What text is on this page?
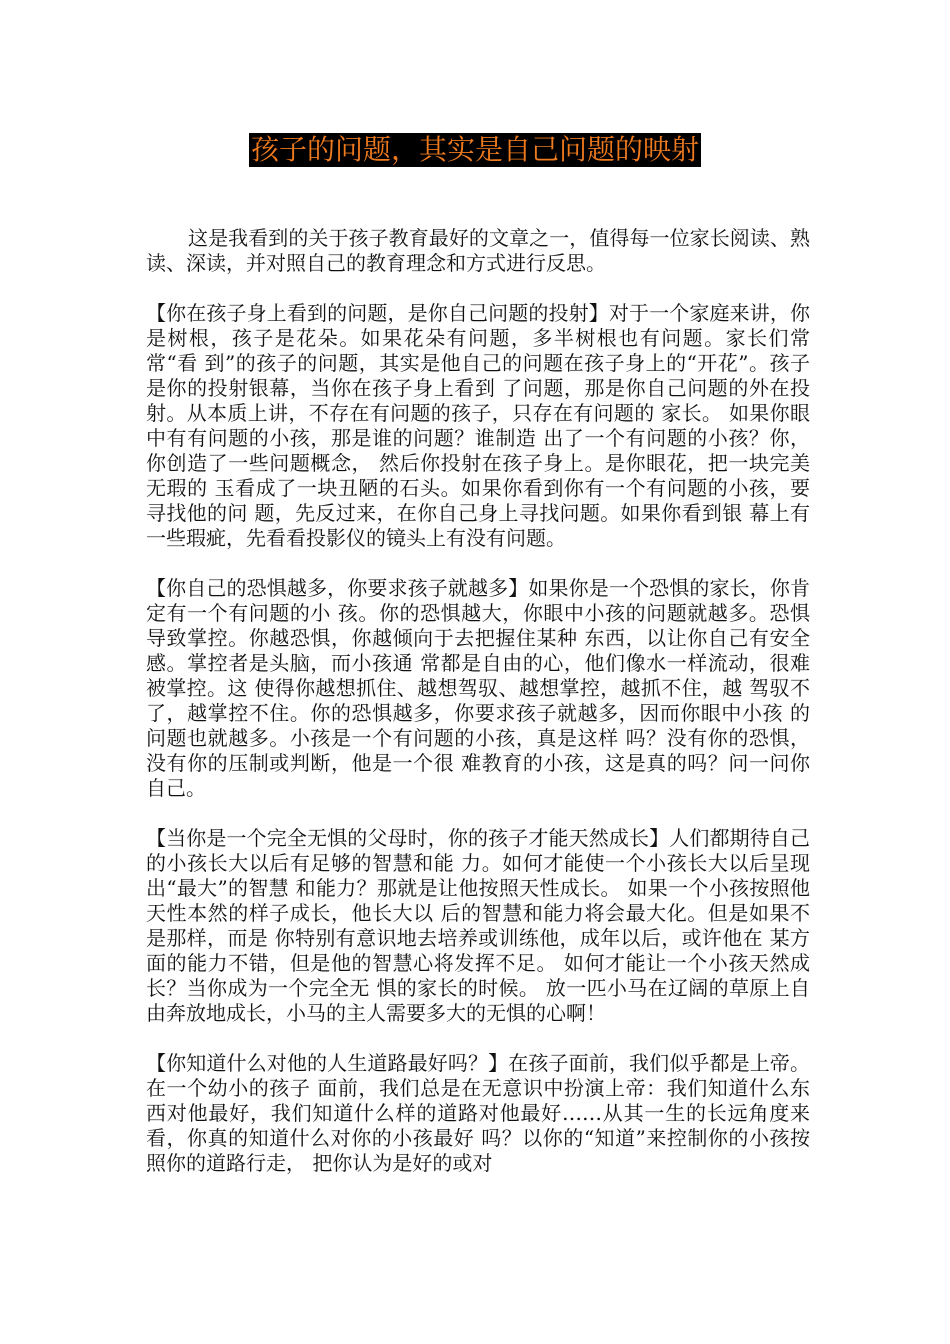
孩子的问题，其实是自己问题的映射

这是我看到的关于孩子教育最好的文章之一，值得每一位家长阅读、熟读、深读，并对照自己的教育理念和方式进行反思。

【你在孩子身上看到的问题，是你自己问题的投射】对于一个家庭来讲，你是树根，孩子是花朵。如果花朵有问题，多半树根也有问题。家长们常常“看 到”的孩子的问题，其实是他自己的问题在孩子身上的“开花”。孩子是你的投射银幕，当你在孩子身上看到 了问题，那是你自己问题的外在投射。从本质上讲，不存在有问题的孩子，只存在有问题的 家长。 如果你眼中有有问题的小孩，那是谁的问题？谁制造 出了一个有问题的小孩？你，你创造了一些问题概念， 然后你投射在孩子身上。是你眼花，把一块完美无瑕的 玉看成了一块丑陋的石头。如果你看到你有一个有问题的小孩，要寻找他的问 题，先反过来，在你自己身上寻找问题。如果你看到银 幕上有一些瑕疵，先看看投影仪的镜头上有没有问题。

【你自己的恐惧越多，你要求孩子就越多】如果你是一个恐惧的家长，你肯定有一个有问题的小 孩。你的恐惧越大，你眼中小孩的问题就越多。恐惧导致掌控。你越恐惧，你越倾向于去把握住某种 东西，以让你自己有安全感。掌控者是头脑，而小孩通 常都是自由的心，他们像水一样流动，很难被掌控。这 使得你越想抓住、越想驾驭、越想掌控，越抓不住，越 驾驭不了，越掌控不住。你的恐惧越多，你要求孩子就越多，因而你眼中小孩 的问题也就越多。小孩是一个有问题的小孩，真是这样 吗？没有你的恐惧，没有你的压制或判断，他是一个很 难教育的小孩，这是真的吗？问一问你自己。

【当你是一个完全无惧的父母时，你的孩子才能天然成长】人们都期待自己的小孩长大以后有足够的智慧和能 力。如何才能使一个小孩长大以后呈现出“最大”的智慧 和能力？那就是让他按照天性成长。 如果一个小孩按照他天性本然的样子成长，他长大以 后的智慧和能力将会最大化。但是如果不是那样，而是 你特别有意识地去培养或训练他，成年以后，或许他在 某方面的能力不错，但是他的智慧心将发挥不足。 如何才能让一个小孩天然成长？当你成为一个完全无 惧的家长的时候。 放一匹小马在辽阔的草原上自由奔放地成长，小马的主人需要多大的无惧的心啊！

【你知道什么对他的人生道路最好吗？】在孩子面前，我们似乎都是上帝。在一个幼小的孩子 面前，我们总是在无意识中扮演上帝：我们知道什么东 西对他最好，我们知道什么样的道路对他最好……从其一生的长远角度来看，你真的知道什么对你的小孩最好 吗？以你的“知道”来控制你的小孩按照你的道路行走， 把你认为是好的或对
